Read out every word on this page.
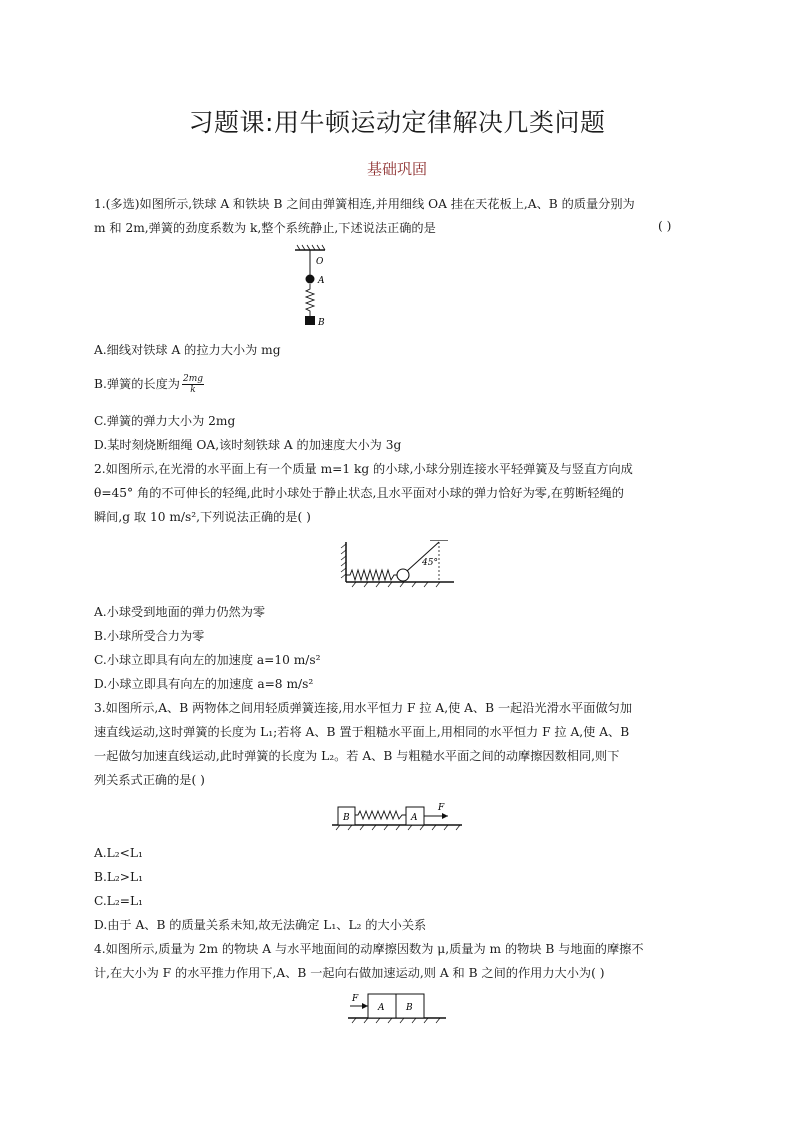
习题课:用牛顿运动定律解决几类问题
基础巩固
1.(多选)如图所示,铁球 A 和铁块 B 之间由弹簧相连,并用细线 OA 挂在天花板上,A、B 的质量分别为
m 和 2m,弹簧的劲度系数为 k,整个系统静止,下述说法正确的是	( )
O
A
B
A.细线对铁球 A 的拉力大小为 mg
B.弹簧的长度为 $\frac{2mg}{k}$
C.弹簧的弹力大小为 2mg
D.某时刻烧断细绳 OA,该时刻铁球 A 的加速度大小为 3g
2.如图所示,在光滑的水平面上有一个质量 m=1 kg 的小球,小球分别连接水平轻弹簧及与竖直方向成
θ=45° 角的不可伸长的轻绳,此时小球处于静止状态,且水平面对小球的弹力恰好为零,在剪断轻绳的
瞬间,g 取 10 m/s²,下列说法正确的是( )
45°
A.小球受到地面的弹力仍然为零
B.小球所受合力为零
C.小球立即具有向左的加速度 a=10 m/s²
D.小球立即具有向左的加速度 a=8 m/s²
3.如图所示,A、B 两物体之间用轻质弹簧连接,用水平恒力 F 拉 A,使 A、B 一起沿光滑水平面做匀加
速直线运动,这时弹簧的长度为 L₁;若将 A、B 置于粗糙水平面上,用相同的水平恒力 F 拉 A,使 A、B
一起做匀加速直线运动,此时弹簧的长度为 L₂。若 A、B 与粗糙水平面之间的动摩擦因数相同,则下
列关系式正确的是( )
B	A
F
A.L₂<L₁
B.L₂>L₁
C.L₂=L₁
D.由于 A、B 的质量关系未知,故无法确定 L₁、L₂ 的大小关系
4.如图所示,质量为 2m 的物块 A 与水平地面间的动摩擦因数为 μ,质量为 m 的物块 B 与地面的摩擦不
计,在大小为 F 的水平推力作用下,A、B 一起向右做加速运动,则 A 和 B 之间的作用力大小为( )
F
A B
